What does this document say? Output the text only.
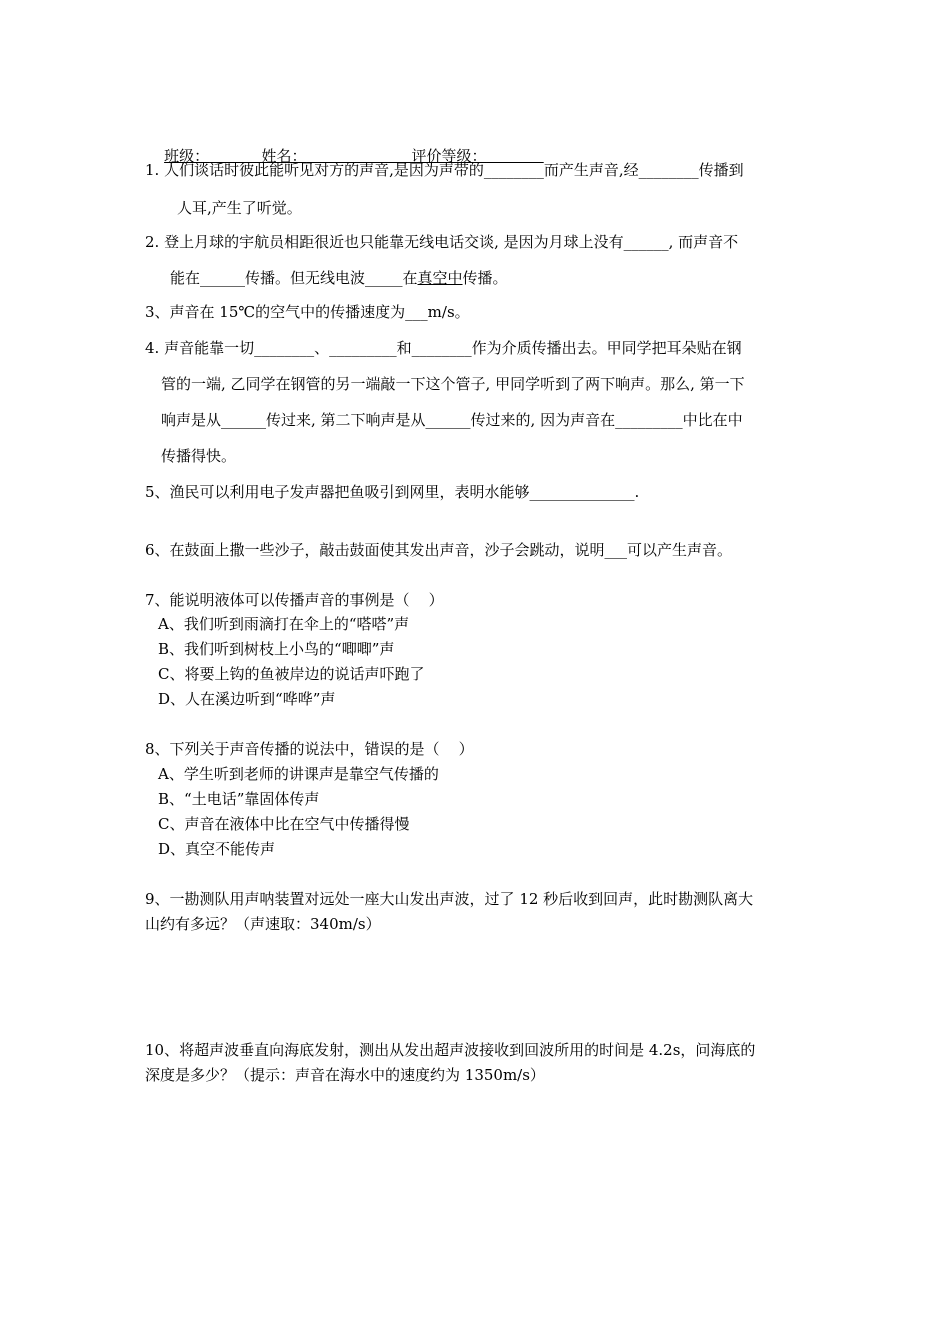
班级：	姓名：	评价等级：

1. 人们谈话时彼此能听见对方的声音,是因为声带的________而产生声音,经________传播到
人耳,产生了听觉。
2. 登上月球的宇航员相距很近也只能靠无线电话交谈, 是因为月球上没有______, 而声音不
能在______传播。但无线电波_____在真空中传播。
3、声音在 15℃的空气中的传播速度为___m/s。
4. 声音能靠一切________、_________和________作为介质传播出去。甲同学把耳朵贴在钢
管的一端, 乙同学在钢管的另一端敲一下这个管子, 甲同学听到了两下响声。那么, 第一下
响声是从______传过来, 第二下响声是从______传过来的, 因为声音在_________中比在中
传播得快。
5、渔民可以利用电子发声器把鱼吸引到网里，表明水能够______________.
6、在鼓面上撒一些沙子，敲击鼓面使其发出声音，沙子会跳动，说明___可以产生声音。
7、能说明液体可以传播声音的事例是（    ）
A、我们听到雨滴打在伞上的“嗒嗒”声
B、我们听到树枝上小鸟的“唧唧”声
C、将要上钩的鱼被岸边的说话声吓跑了
D、人在溪边听到“哗哗”声
8、下列关于声音传播的说法中，错误的是（    ）
A、学生听到老师的讲课声是靠空气传播的
B、“土电话”靠固体传声
C、声音在液体中比在空气中传播得慢
D、真空不能传声
9、一勘测队用声呐装置对远处一座大山发出声波，过了 12 秒后收到回声，此时勘测队离大
山约有多远？（声速取：340m/s）
10、将超声波垂直向海底发射，测出从发出超声波接收到回波所用的时间是 4.2s，问海底的
深度是多少？（提示：声音在海水中的速度约为 1350m/s）
